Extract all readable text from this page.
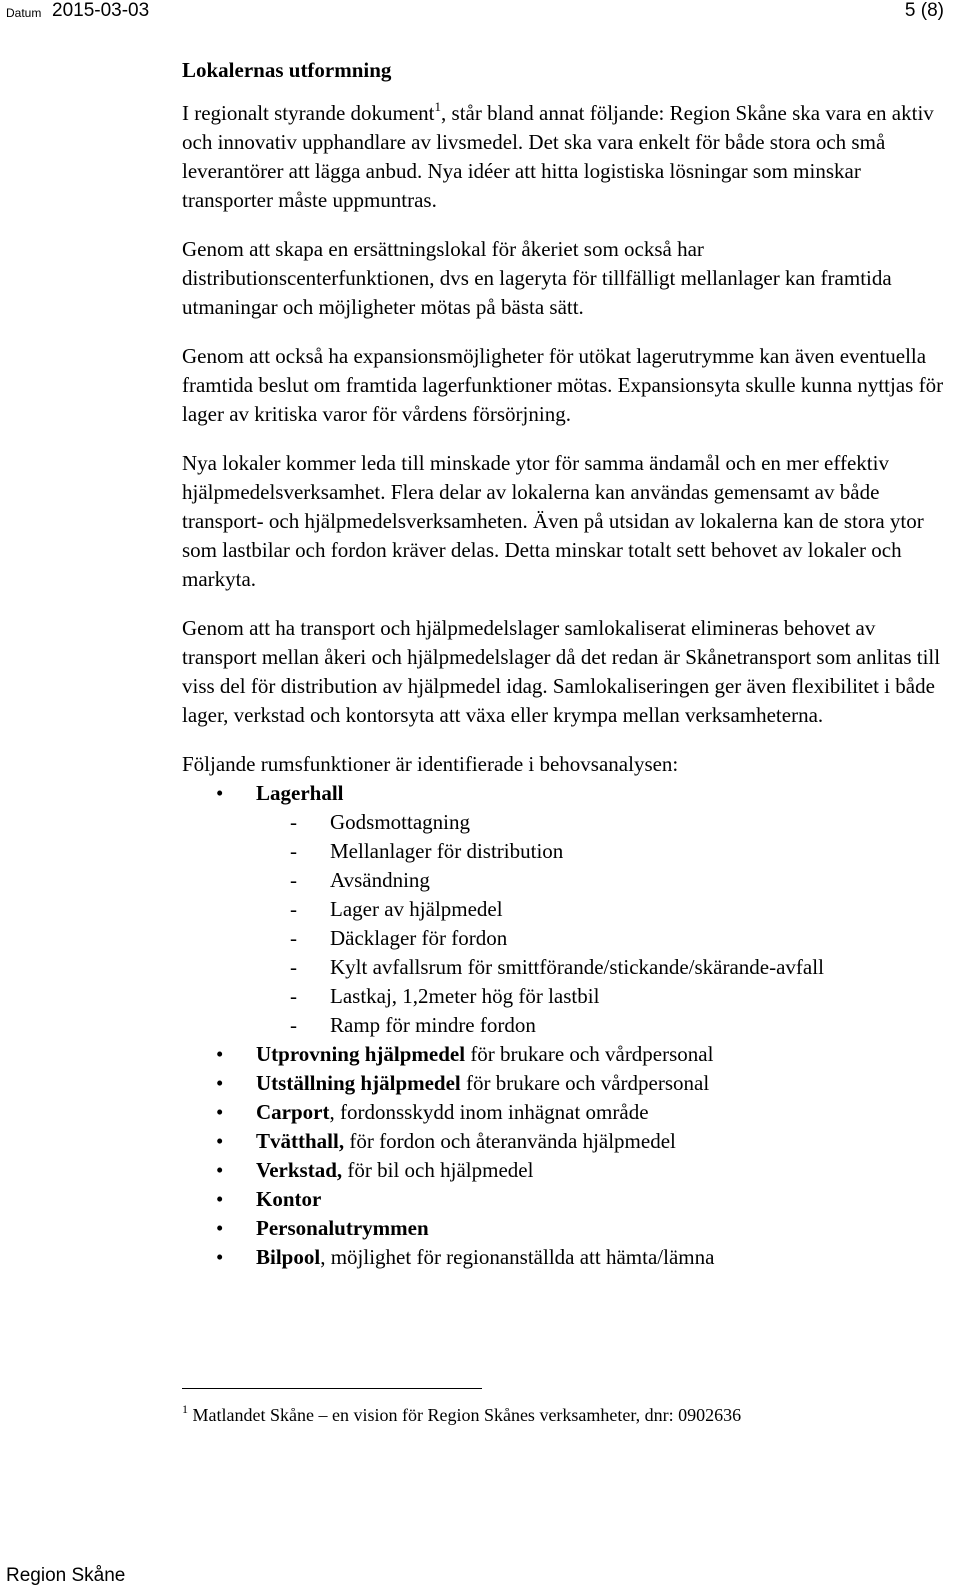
Datum 2015-03-03	5 (8)
Lokalernas utformning

I regionalt styrande dokument$^1$, står bland annat följande: Region Skåne ska vara en aktiv och innovativ upphandlare av livsmedel. Det ska vara enkelt för både stora och små leverantörer att lägga anbud. Nya idéer att hitta logistiska lösningar som minskar transporter måste uppmuntras.

Genom att skapa en ersättningslokal för åkeriet som också har distributionscenterfunktionen, dvs en lageryta för tillfälligt mellanlager kan framtida utmaningar och möjligheter mötas på bästa sätt.

Genom att också ha expansionsmöjligheter för utökat lagerutrymme kan även eventuella framtida beslut om framtida lagerfunktioner mötas. Expansionsyta skulle kunna nyttjas för lager av kritiska varor för vårdens försörjning.

Nya lokaler kommer leda till minskade ytor för samma ändamål och en mer effektiv hjälpmedelsverksamhet. Flera delar av lokalerna kan användas gemensamt av både transport- och hjälpmedelsverksamheten. Även på utsidan av lokalerna kan de stora ytor som lastbilar och fordon kräver delas. Detta minskar totalt sett behovet av lokaler och markyta.

Genom att ha transport och hjälpmedelslager samlokaliserat elimineras behovet av transport mellan åkeri och hjälpmedelslager då det redan är Skånetransport som anlitas till viss del för distribution av hjälpmedel idag. Samlokaliseringen ger även flexibilitet i både lager, verkstad och kontorsyta att växa eller krympa mellan verksamheterna.

Följande rumsfunktioner är identifierade i behovsanalysen:
• Lagerhall
- Godsmottagning
- Mellanlager för distribution
- Avsändning
- Lager av hjälpmedel
- Däcklager för fordon
- Kylt avfallsrum för smittförande/stickande/skärande-avfall
- Lastkaj, 1,2meter hög för lastbil
- Ramp för mindre fordon
• Utprovning hjälpmedel för brukare och vårdpersonal
• Utställning hjälpmedel för brukare och vårdpersonal
• Carport, fordonsskydd inom inhägnat område
• Tvätthall, för fordon och återanvända hjälpmedel
• Verkstad, för bil och hjälpmedel
• Kontor
• Personalutrymmen
• Bilpool, möjlighet för regionanställda att hämta/lämna
$^1$ Matlandet Skåne – en vision för Region Skånes verksamheter, dnr: 0902636
Region Skåne
